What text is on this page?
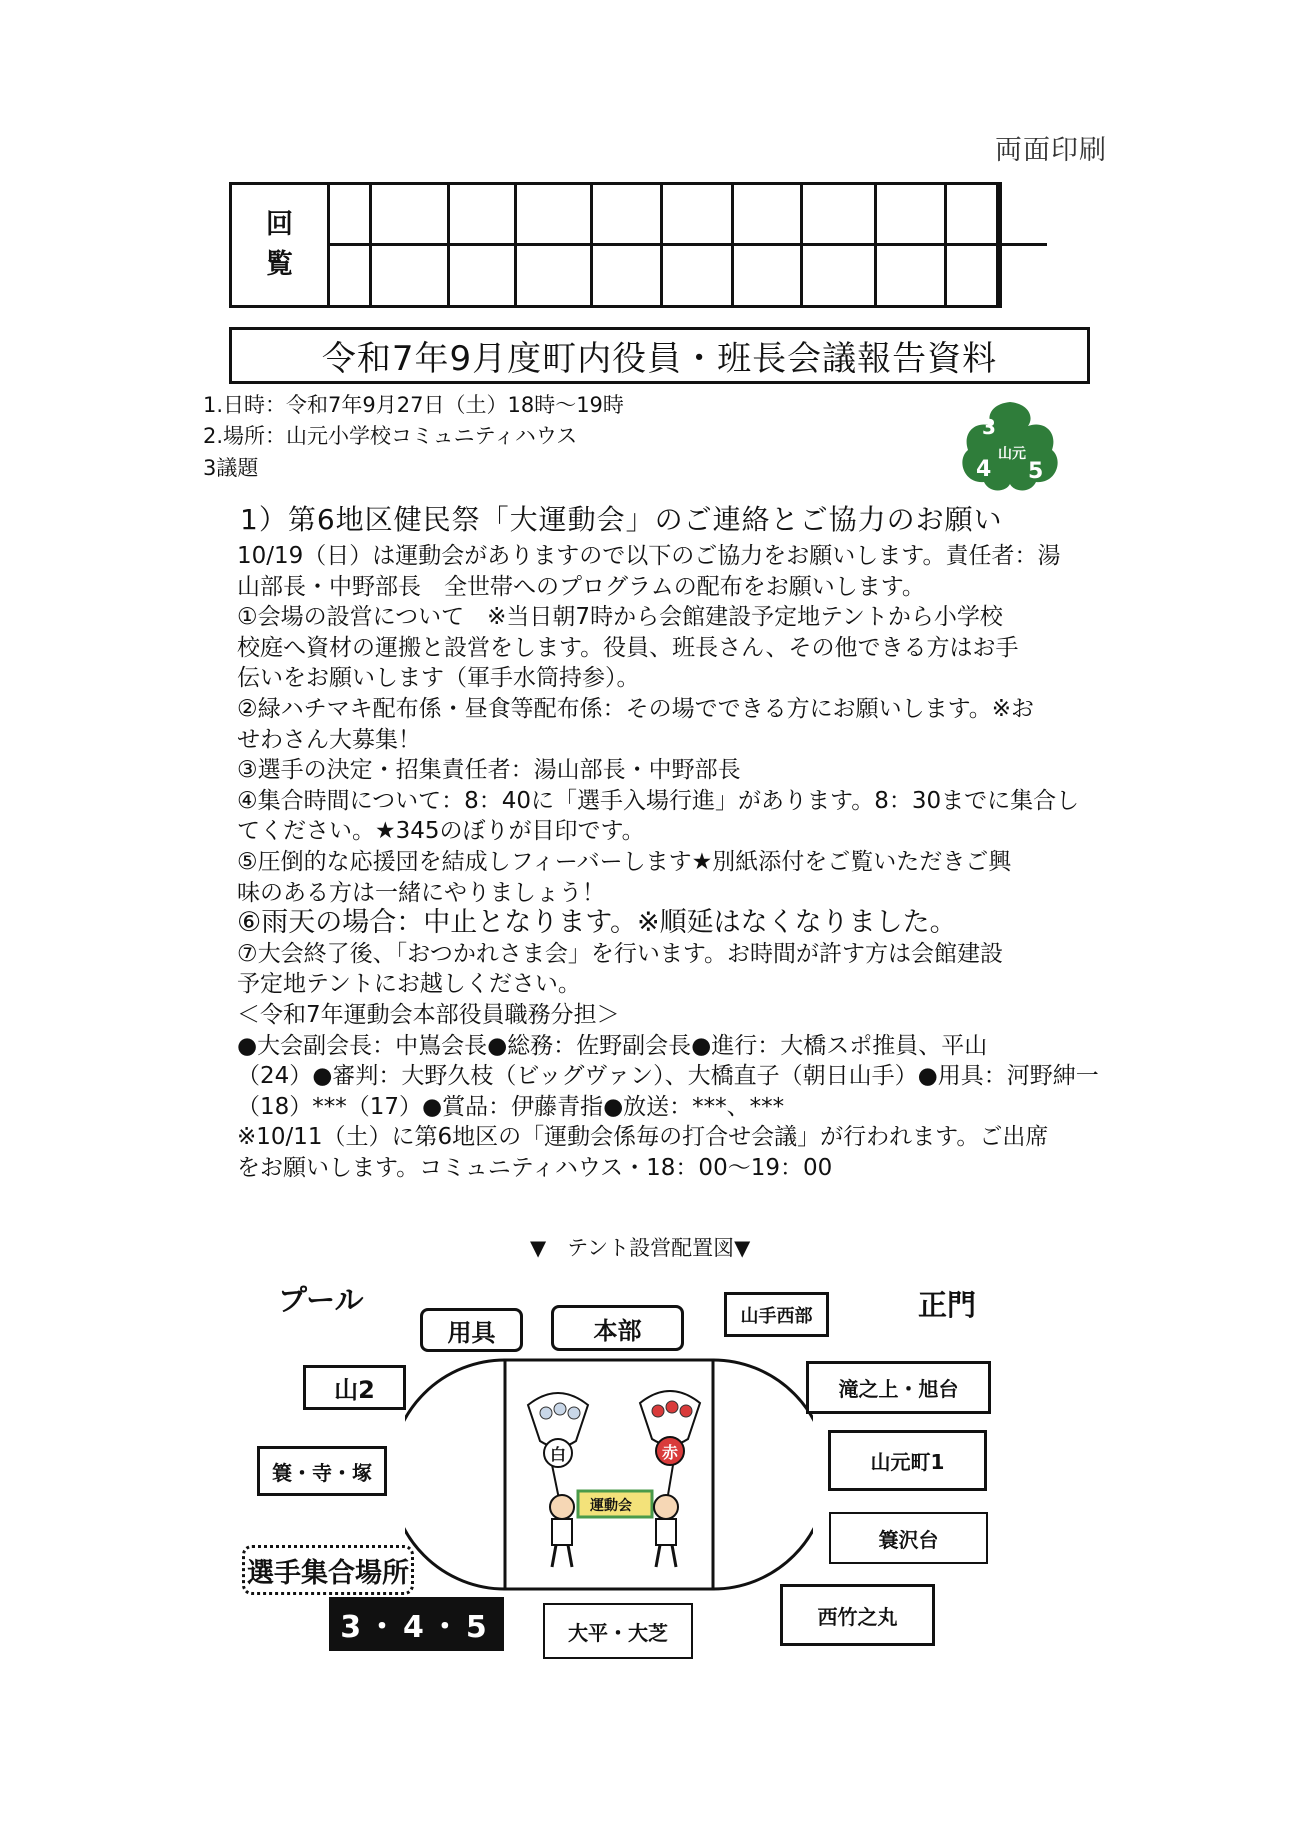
両面印刷
回
覧
令和7年9月度町内役員・班長会議報告資料
1.日時：令和7年9月27日（土）18時～19時
2.場所：山元小学校コミュニティハウス
3議題
3
4 5
山元
1）第6地区健民祭「大運動会」のご連絡とご協力のお願い

10/19（日）は運動会がありますので以下のご協力をお願いします。責任者：湯

山部長・中野部長　全世帯へのプログラムの配布をお願いします。

①会場の設営について　※当日朝7時から会館建設予定地テントから小学校

校庭へ資材の運搬と設営をします。役員、班長さん、その他できる方はお手

伝いをお願いします（軍手水筒持参）。

②緑ハチマキ配布係・昼食等配布係：その場でできる方にお願いします。※お

せわさん大募集！

③選手の決定・招集責任者：湯山部長・中野部長

④集合時間について：8：40に「選手入場行進」があります。8：30までに集合し

てください。★345のぼりが目印です。

⑤圧倒的な応援団を結成しフィーバーします★別紙添付をご覧いただきご興

味のある方は一緒にやりましょう！

⑥雨天の場合：中止となります。※順延はなくなりました。

⑦大会終了後、「おつかれさま会」を行います。お時間が許す方は会館建設

予定地テントにお越しください。

＜令和7年運動会本部役員職務分担＞

●大会副会長：中嶌会長●総務：佐野副会長●進行：大橋スポ推員、平山

（24）●審判：大野久枝（ビッグヴァン）、大橋直子（朝日山手）●用具：河野紳一

（18）***（17）●賞品：伊藤青指●放送：***、***

※10/11（土）に第6地区の「運動会係毎の打合せ会議」が行われます。ご出席

をお願いします。コミュニティハウス・18：00～19：00

▼　テント設営配置図▼
プール	正門
白	赤
運動会
用具	本部
山手西部
山2
簑・寺・塚
選手集合場所
3・4・5
滝之上・旭台
山元町1
簑沢台
西竹之丸
大平・大芝
